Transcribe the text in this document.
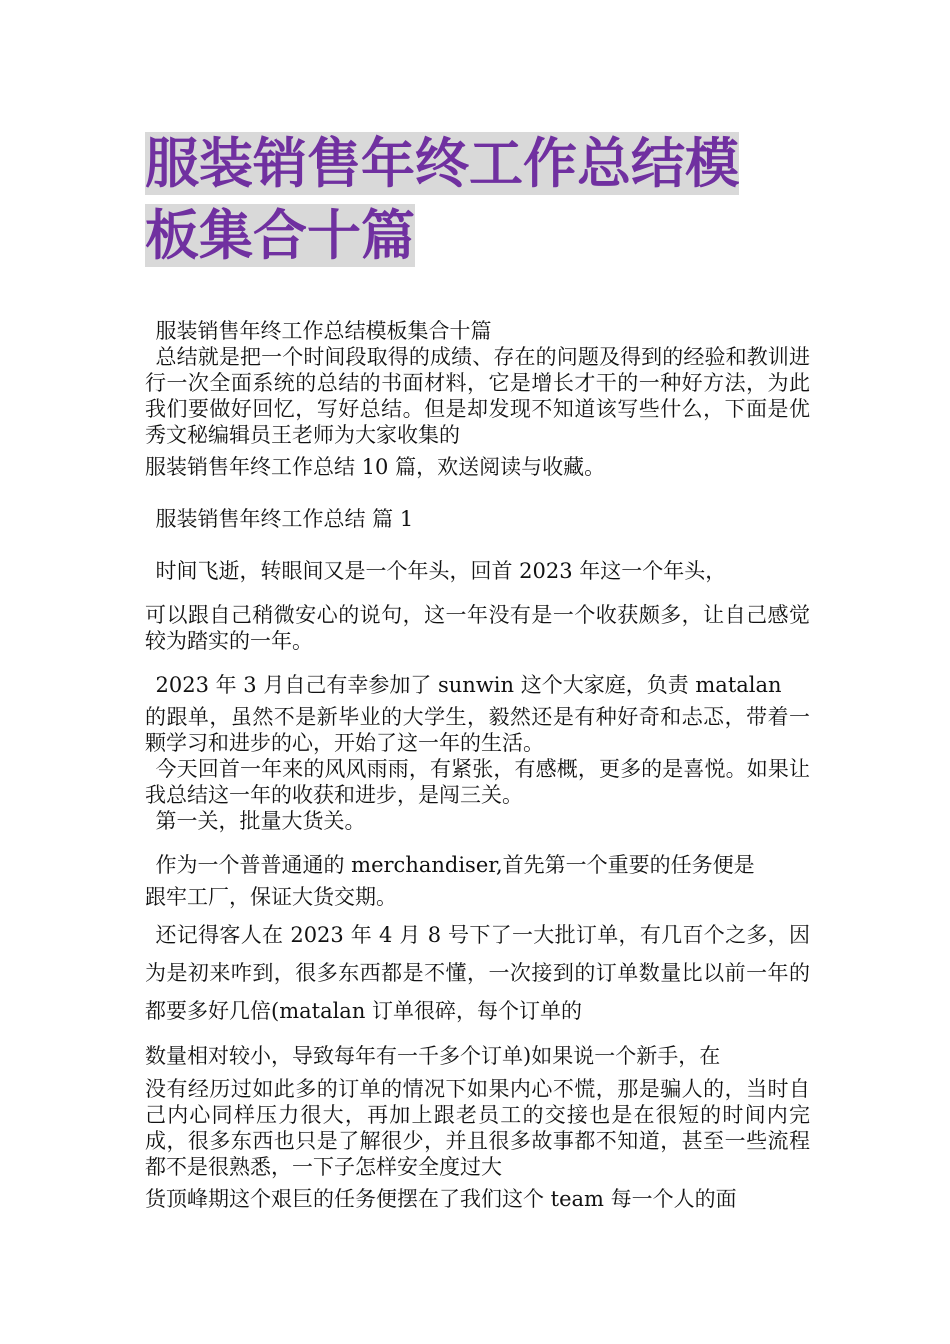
服装销售年终工作总结模
板集合十篇

服装销售年终工作总结模板集合十篇

总结就是把一个时间段取得的成绩、存在的问题及得到的经验和教训进行一次全面系统的总结的书面材料，它是增长才干的一种好方法，为此我们要做好回忆，写好总结。但是却发现不知道该写些什么，下面是优秀文秘编辑员王老师为大家收集的

服装销售年终工作总结 10 篇，欢送阅读与收藏。

服装销售年终工作总结 篇 1

时间飞逝，转眼间又是一个年头，回首 2023 年这一个年头，

可以跟自己稍微安心的说句，这一年没有是一个收获颇多，让自己感觉较为踏实的一年。

2023 年 3 月自己有幸参加了 sunwin 这个大家庭，负责 matalan

的跟单，虽然不是新毕业的大学生，毅然还是有种好奇和忐忑，带着一颗学习和进步的心，开始了这一年的生活。

今天回首一年来的风风雨雨，有紧张，有感概，更多的是喜悦。如果让我总结这一年的收获和进步，是闯三关。

第一关，批量大货关。

作为一个普普通通的 merchandiser,首先第一个重要的任务便是

跟牢工厂，保证大货交期。

还记得客人在 2023 年 4 月 8 号下了一大批订单，有几百个之多，因为是初来咋到，很多东西都是不懂，一次接到的订单数量比以前一年的都要多好几倍(matalan 订单很碎，每个订单的

数量相对较小，导致每年有一千多个订单)如果说一个新手，在

没有经历过如此多的订单的情况下如果内心不慌，那是骗人的，当时自己内心同样压力很大，再加上跟老员工的交接也是在很短的时间内完成，很多东西也只是了解很少，并且很多故事都不知道，甚至一些流程都不是很熟悉，一下子怎样安全度过大

货顶峰期这个艰巨的任务便摆在了我们这个 team 每一个人的面
